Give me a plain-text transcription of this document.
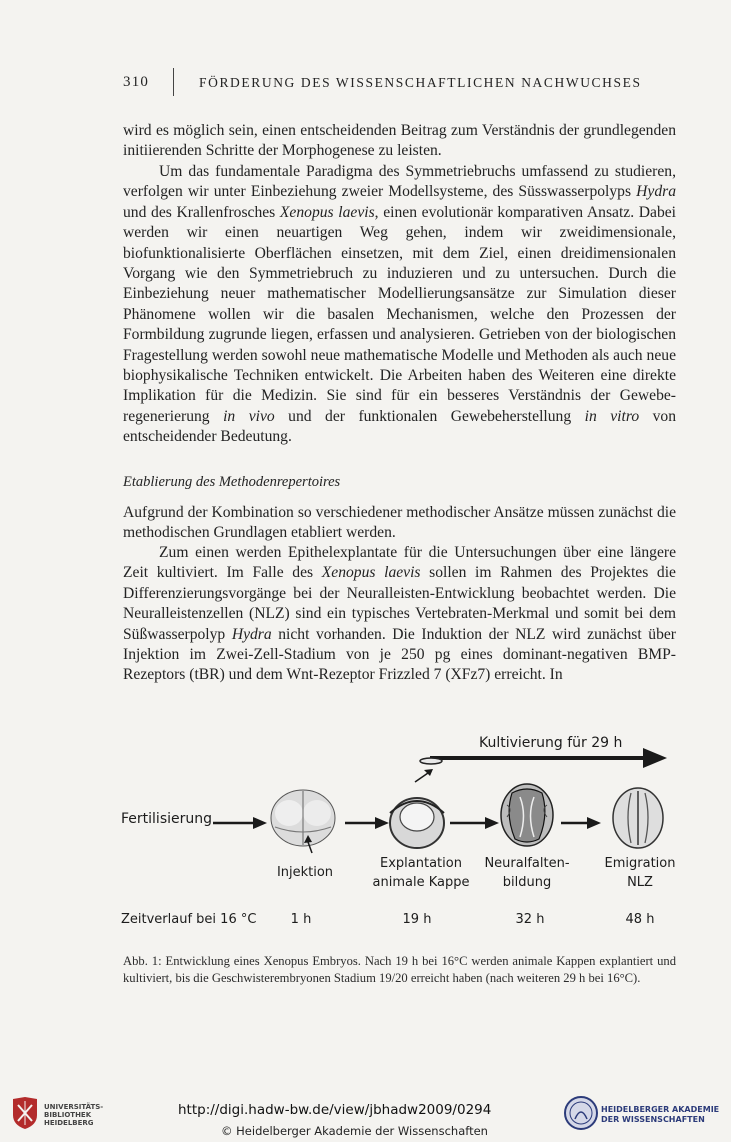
310	FÖRDERUNG DES WISSENSCHAFTLICHEN NACHWUCHSES

wird es möglich sein, einen entscheidenden Beitrag zum Verständnis der grundlegenden initiierenden Schritte der Morphogenese zu leisten.

Um das fundamentale Paradigma des Symmetriebruchs umfassend zu studieren, verfolgen wir unter Einbeziehung zweier Modellsysteme, des Süsswasserpolyps Hydra und des Krallenfrosches Xenopus laevis, einen evolutionär komparativen Ansatz. Dabei werden wir einen neuartigen Weg gehen, indem wir zweidimensionale, biofunktionalisierte Oberflächen einsetzen, mit dem Ziel, einen dreidimensionalen Vorgang wie den Symmetriebruch zu induzieren und zu untersuchen. Durch die Einbeziehung neuer mathematischer Modellierungsansätze zur Simulation dieser Phänomene wollen wir die basalen Mechanismen, welche den Prozessen der Formbildung zugrunde liegen, erfassen und analysieren. Getrieben von der biologischen Fragestellung werden sowohl neue mathematische Modelle und Methoden als auch neue biophysikalische Techniken entwickelt. Die Arbeiten haben des Weiteren eine direkte Implikation für die Medizin. Sie sind für ein besseres Verständnis der Gewebe-regenerierung in vivo und der funktionalen Gewebeherstellung in vitro von entscheidender Bedeutung.

Etablierung des Methodenrepertoires

Aufgrund der Kombination so verschiedener methodischer Ansätze müssen zunächst die methodischen Grundlagen etabliert werden.

Zum einen werden Epithelexplantate für die Untersuchungen über eine längere Zeit kultiviert. Im Falle des Xenopus laevis sollen im Rahmen des Projektes die Differenzierungsvorgänge bei der Neuralleisten-Entwicklung beobachtet werden. Die Neuralleistenzellen (NLZ) sind ein typisches Vertebraten-Merkmal und somit bei dem Süßwasserpolyp Hydra nicht vorhanden. Die Induktion der NLZ wird zunächst über Injektion im Zwei-Zell-Stadium von je 250 pg eines dominant-negativen BMP-Rezeptors (tBR) und dem Wnt-Rezeptor Frizzled 7 (XFz7) erreicht. In

Kultivierung für 29 h
Fertilisierung
Injektion
Explantation
animale Kappe
Neuralfalten-
bildung
Emigration
NLZ
Zeitverlauf bei 16 °C	1 h	19 h	32 h	48 h
Abb. 1: Entwicklung eines Xenopus Embryos. Nach 19 h bei 16°C werden animale Kappen explantiert und kultiviert, bis die Geschwisterembryonen Stadium 19/20 erreicht haben (nach weiteren 29 h bei 16°C).
UNIVERSITÄTS-
BIBLIOTHEK
HEIDELBERG
http://digi.hadw-bw.de/view/jbhadw2009/0294
© Heidelberger Akademie der Wissenschaften
HEIDELBERGER AKADEMIE
DER WISSENSCHAFTEN
